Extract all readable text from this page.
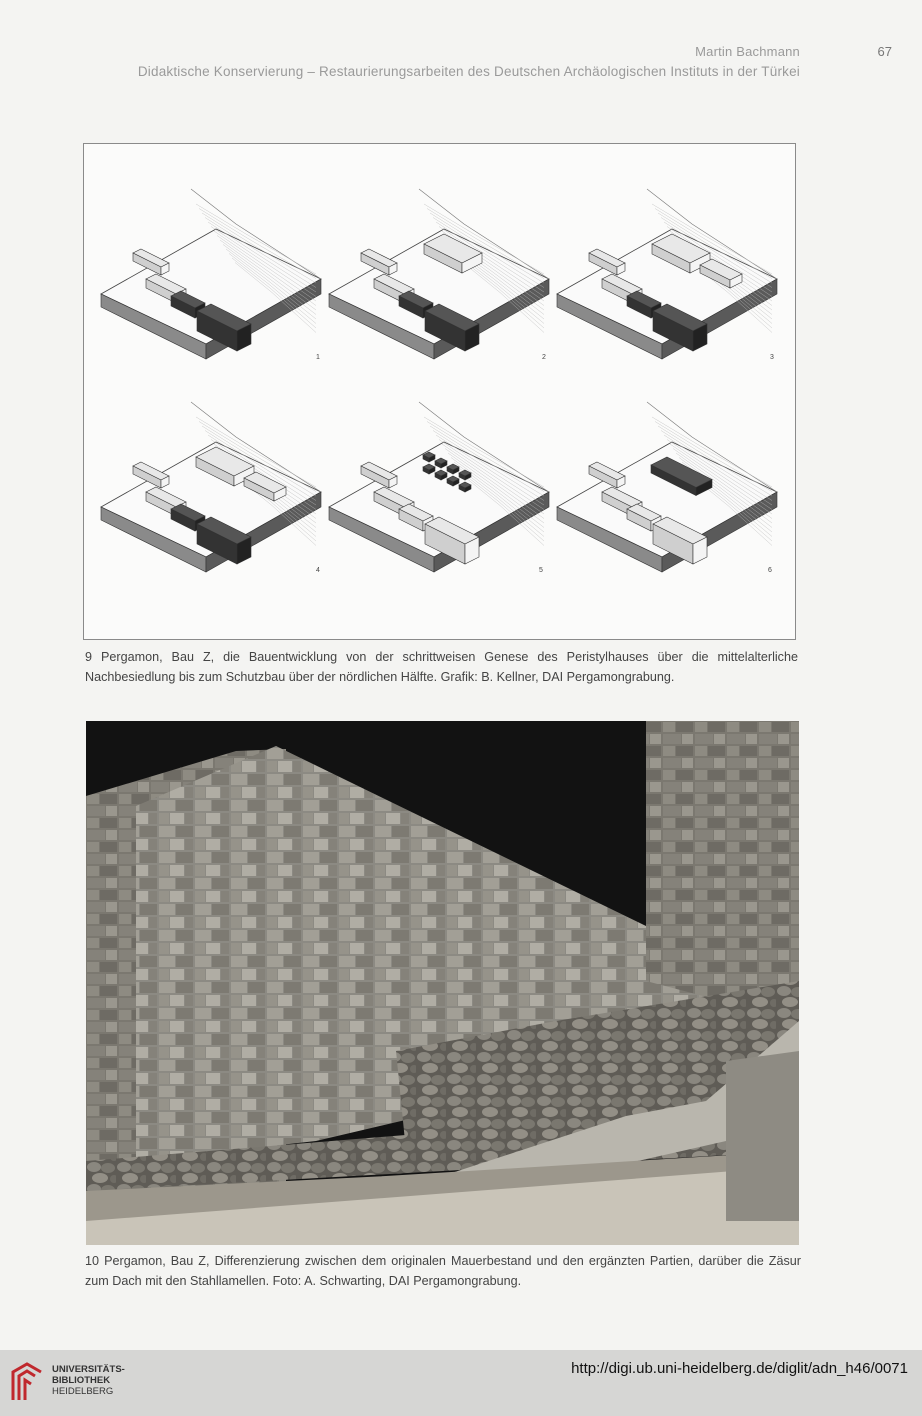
Martin Bachmann	67
Didaktische Konservierung – Restaurierungsarbeiten des Deutschen Archäologischen Instituts in der Türkei
1	2	3
4	5	6
9 Pergamon, Bau Z, die Bauentwicklung von der schrittweisen Genese des Peristylhauses über die mittelalterliche Nachbesiedlung bis zum Schutzbau über der nördlichen Hälfte. Grafik: B. Kellner, DAI Pergamongrabung.
10 Pergamon, Bau Z, Differenzierung zwischen dem originalen Mauerbestand und den ergänzten Partien, darüber die Zäsur zum Dach mit den Stahllamellen. Foto: A. Schwarting, DAI Pergamongrabung.
UNIVERSITÄTS-
BIBLIOTHEK
HEIDELBERG
http://digi.ub.uni-heidelberg.de/diglit/adn_h46/0071
